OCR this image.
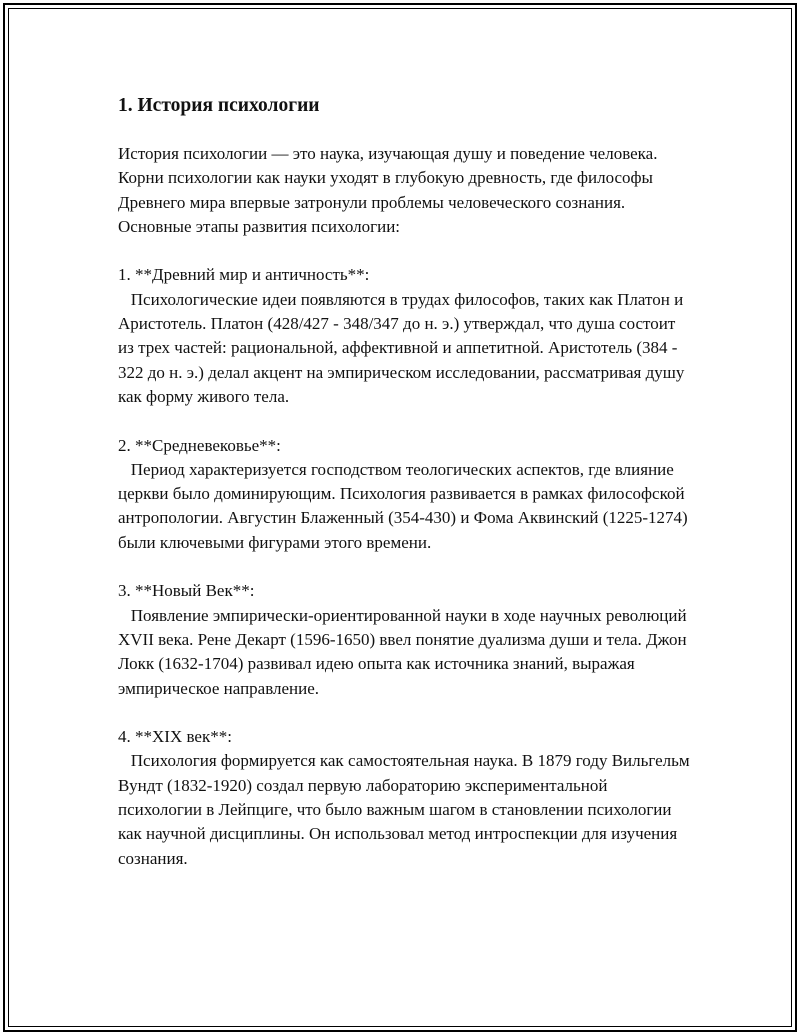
1. История психологии

История психологии — это наука, изучающая душу и поведение человека. Корни психологии как науки уходят в глубокую древность, где философы Древнего мира впервые затронули проблемы человеческого сознания. Основные этапы развития психологии:

1. **Древний мир и античность**:

Психологические идеи появляются в трудах философов, таких как Платон и Аристотель. Платон (428/427 - 348/347 до н. э.) утверждал, что душа состоит из трех частей: рациональной, аффективной и аппетитной. Аристотель (384 - 322 до н. э.) делал акцент на эмпирическом исследовании, рассматривая душу как форму живого тела.

2. **Средневековье**:

Период характеризуется господством теологических аспектов, где влияние церкви было доминирующим. Психология развивается в рамках философской антропологии. Августин Блаженный (354-430) и Фома Аквинский (1225-1274) были ключевыми фигурами этого времени.

3. **Новый Век**:

Появление эмпирически-ориентированной науки в ходе научных революций XVII века. Рене Декарт (1596-1650) ввел понятие дуализма души и тела. Джон Локк (1632-1704) развивал идею опыта как источника знаний, выражая эмпирическое направление.

4. **XIX век**:

Психология формируется как самостоятельная наука. В 1879 году Вильгельм Вундт (1832-1920) создал первую лабораторию экспериментальной психологии в Лейпциге, что было важным шагом в становлении психологии как научной дисциплины. Он использовал метод интроспекции для изучения сознания.
